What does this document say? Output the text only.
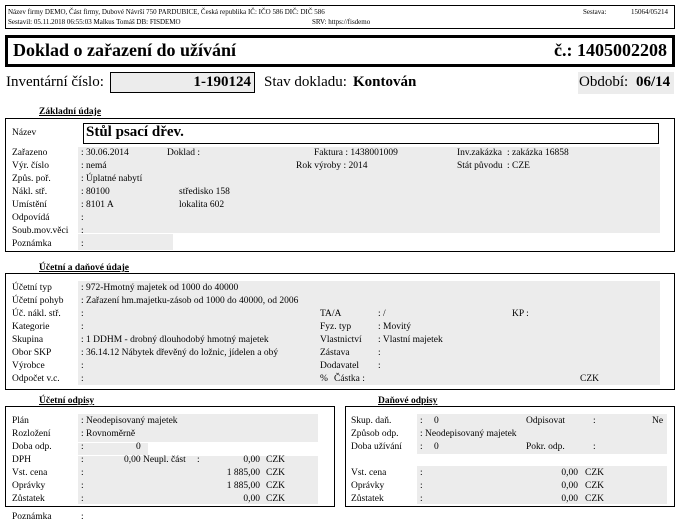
Název firmy DEMO, Část firmy, Dubové Návrší 750 PARDUBICE, Česká republika IČ: IČO 586 DIČ: DIČ 586	Sestava:	15064/05214
Sestavil: 05.11.2018 06:55:03 Malkus Tomáš DB: FISDEMO	SRV: https://fisdemo
Doklad o zařazení do užívání	č.: 1405002208
Inventární číslo:	1-190124 Stav dokladu: Kontován	Období: 06/14
Základní údaje
Název	Stůl psací dřev.
Zařazeno	: 30.06.2014	Doklad :	Faktura : 1438001009	Inv.zakázka : zakázka 16858
Výr. číslo	: nemá	Rok výroby : 2014	Stát původu : CZE
Způs. poř.	: Úplatné nabytí
Nákl. stř.	: 80100	středisko 158
Umístění	: 8101 A	lokalita 602
Odpovídá	:
Soub.mov.věci :
Poznámka	:
Účetní a daňové údaje
Účetní typ	: 972-Hmotný majetek od 1000 do 40000
Účetní pohyb : Zařazení hm.majetku-zásob od 1000 do 40000, od 2006
Úč. nákl. stř. :	TA/A	: /	KP :
Kategorie	:	Fyz. typ	: Movitý
Skupina	: 1 DDHM - drobný dlouhodobý hmotný majetek	Vlastnictví : Vlastní majetek
Obor SKP	: 36.14.12 Nábytek dřevěný do ložnic, jídelen a obý	Zástava	:
Výrobce	:	Dodavatel :
Odpočet v.c. :	% Částka :	CZK
Účetní odpisy
Plán	: Neodepisovaný majetek
Rozložení	: Rovnoměrně
Doba odp.	:	0
DPH	:	0,00 Neupl. část :	0,00 CZK
Vst. cena	:	1 885,00 CZK
Oprávky	:	1 885,00 CZK
Zůstatek	:	0,00 CZK
Daňové odpisy
Skup. daň.	: 0	Odpisovat	:	Ne
Způsob odp. : Neodepisovaný majetek
Doba užívání : 0	Pokr. odp.	:
Vst. cena	:	0,00 CZK
Oprávky	:	0,00 CZK
Zůstatek	:	0,00 CZK
Poznámka	:
